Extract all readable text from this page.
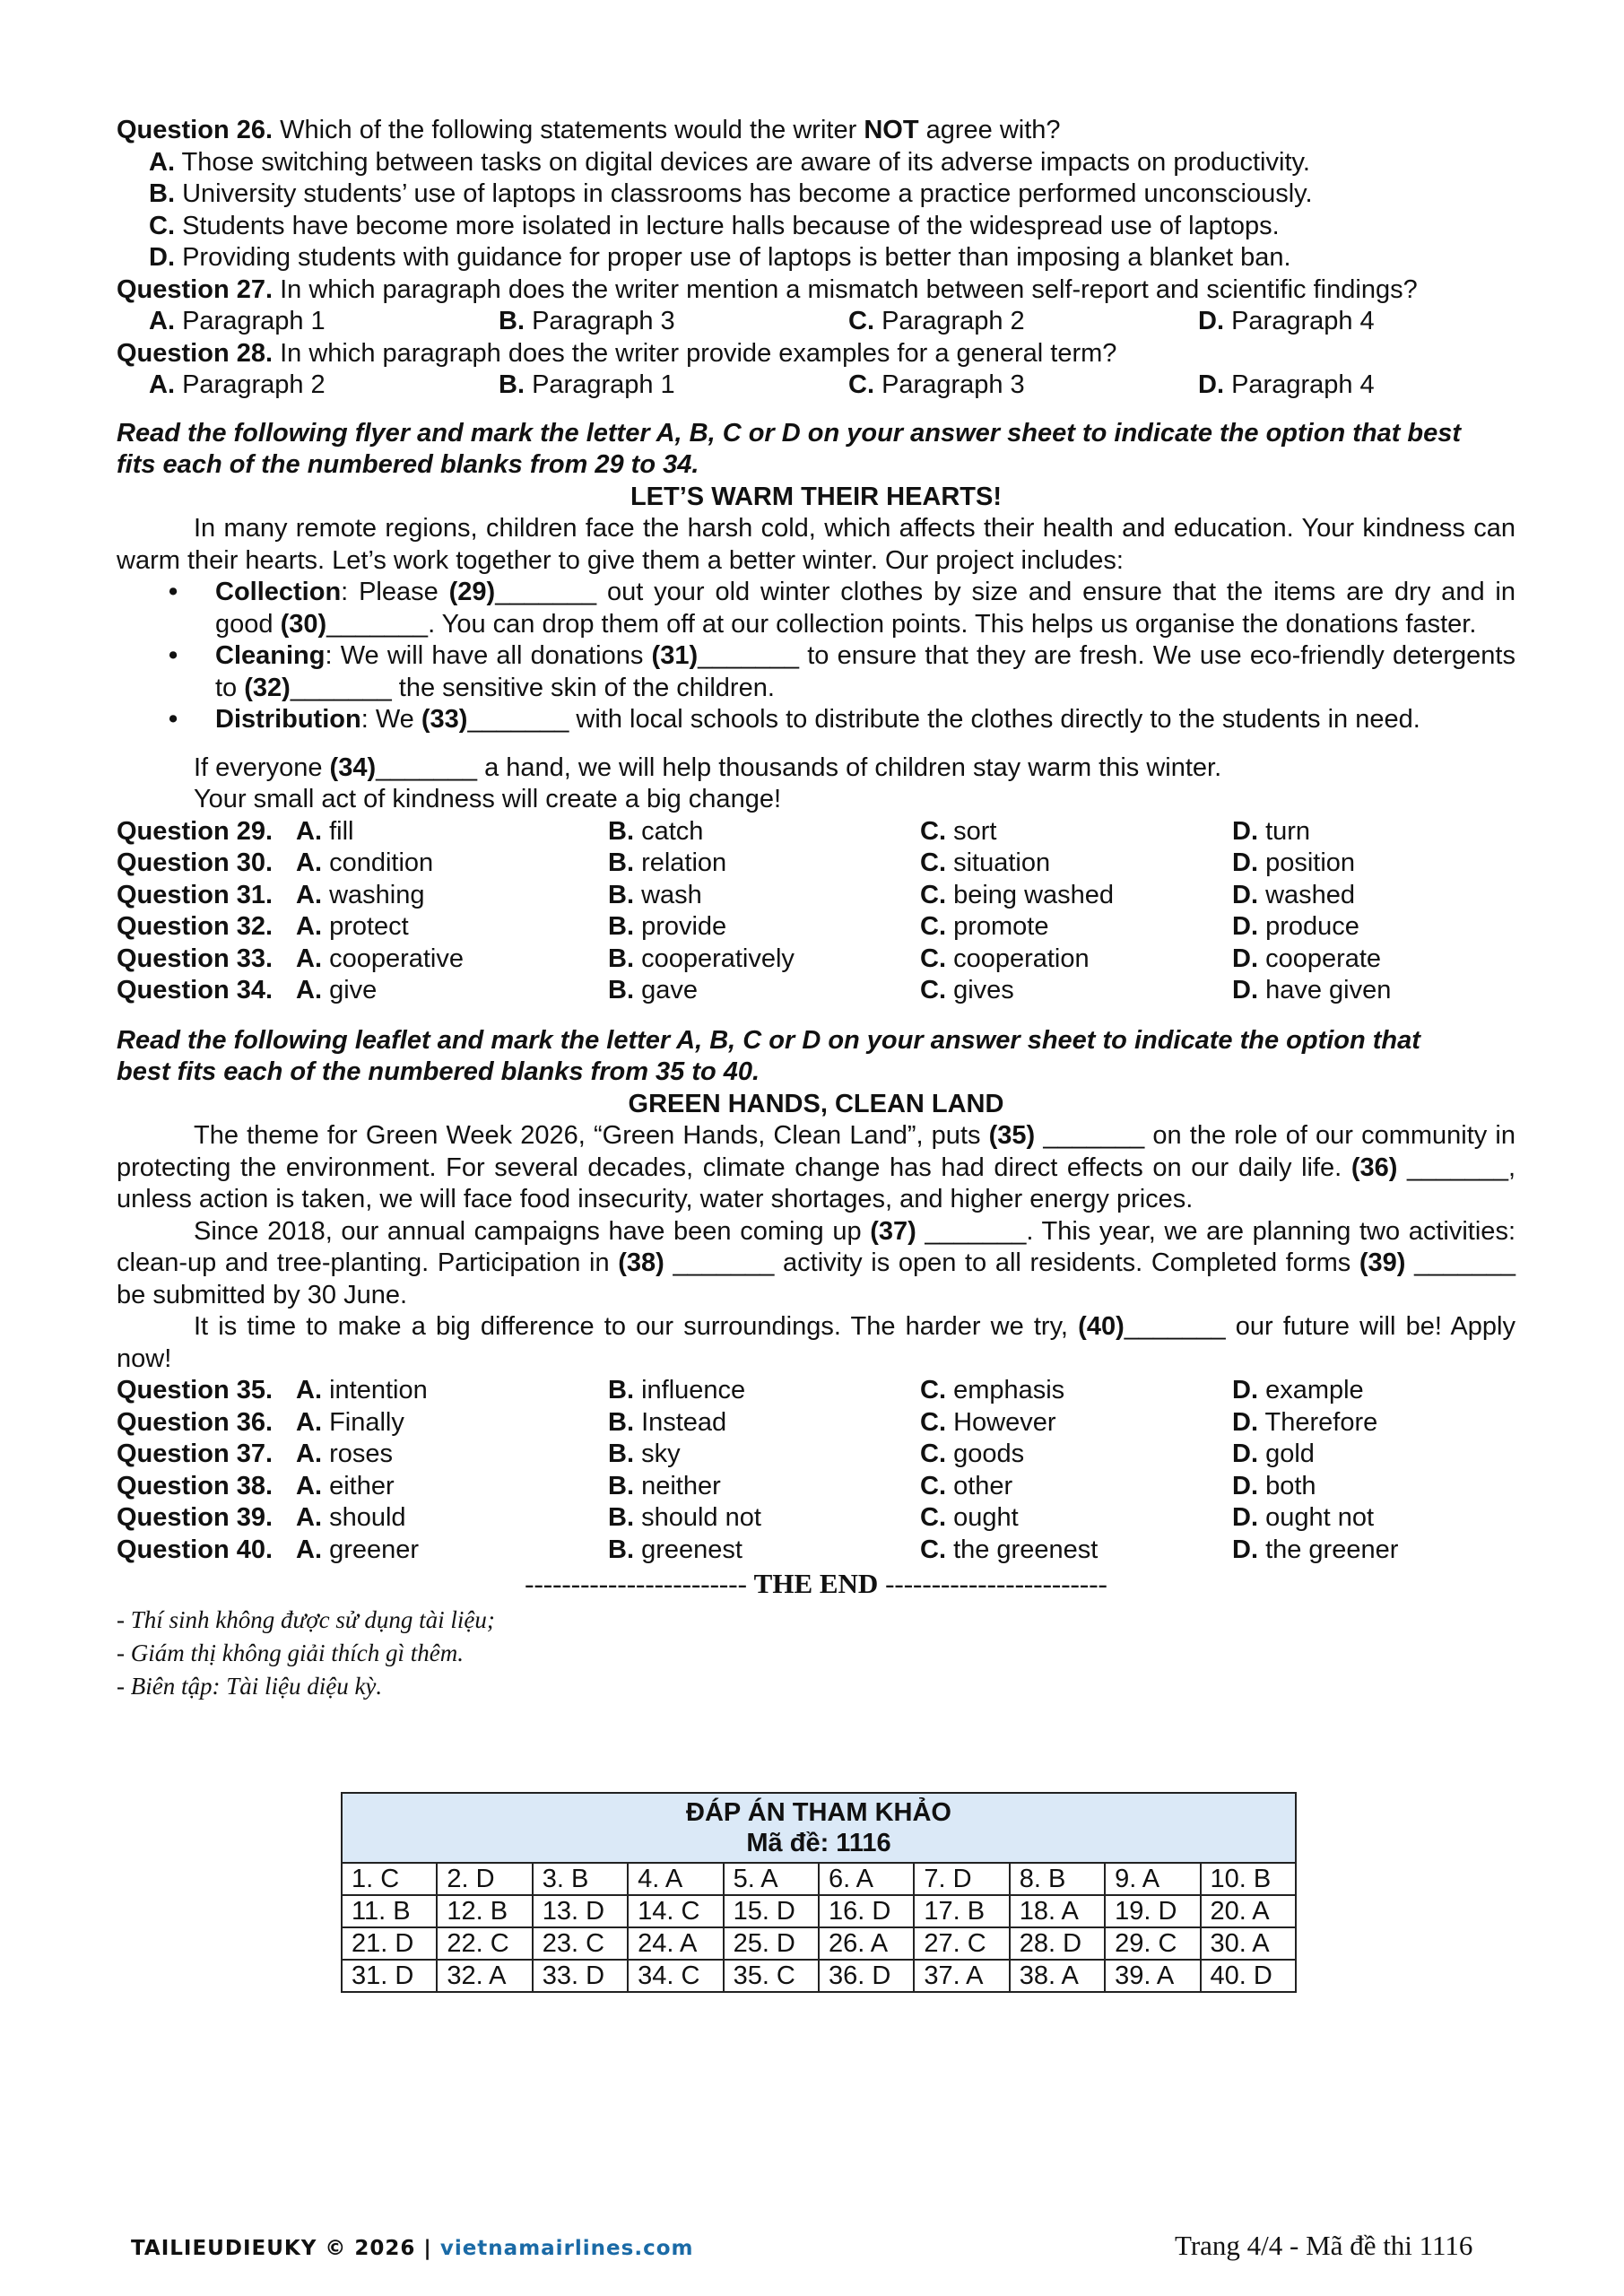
Question 26. Which of the following statements would the writer NOT agree with?
A. Those switching between tasks on digital devices are aware of its adverse impacts on productivity.
B. University students’ use of laptops in classrooms has become a practice performed unconsciously.
C. Students have become more isolated in lecture halls because of the widespread use of laptops.
D. Providing students with guidance for proper use of laptops is better than imposing a blanket ban.
Question 27. In which paragraph does the writer mention a mismatch between self-report and scientific findings?
A. Paragraph 1	B. Paragraph 3	C. Paragraph 2	D. Paragraph 4
Question 28. In which paragraph does the writer provide examples for a general term?
A. Paragraph 2	B. Paragraph 1	C. Paragraph 3	D. Paragraph 4
Read the following flyer and mark the letter A, B, C or D on your answer sheet to indicate the option that best
fits each of the numbered blanks from 29 to 34.
LET’S WARM THEIR HEARTS!
In many remote regions, children face the harsh cold, which affects their health and education. Your kindness can warm their hearts. Let’s work together to give them a better winter. Our project includes:
• Collection: Please (29)_______ out your old winter clothes by size and ensure that the items are dry and in good (30)_______. You can drop them off at our collection points. This helps us organise the donations faster.
• Cleaning: We will have all donations (31)_______ to ensure that they are fresh. We use eco-friendly detergents to (32)_______ the sensitive skin of the children.
• Distribution: We (33)_______ with local schools to distribute the clothes directly to the students in need.
If everyone (34)_______ a hand, we will help thousands of children stay warm this winter.
Your small act of kindness will create a big change!
Question 29. A. fill	B. catch	C. sort	D. turn
Question 30. A. condition	B. relation	C. situation	D. position
Question 31. A. washing	B. wash	C. being washed	D. washed
Question 32. A. protect	B. provide	C. promote	D. produce
Question 33. A. cooperative	B. cooperatively	C. cooperation	D. cooperate
Question 34. A. give	B. gave	C. gives	D. have given
Read the following leaflet and mark the letter A, B, C or D on your answer sheet to indicate the option that
best fits each of the numbered blanks from 35 to 40.
GREEN HANDS, CLEAN LAND
The theme for Green Week 2026, “Green Hands, Clean Land”, puts (35) _______ on the role of our community in protecting the environment. For several decades, climate change has had direct effects on our daily life. (36) _______, unless action is taken, we will face food insecurity, water shortages, and higher energy prices.
Since 2018, our annual campaigns have been coming up (37) _______. This year, we are planning two activities: clean-up and tree-planting. Participation in (38) _______ activity is open to all residents. Completed forms (39) _______ be submitted by 30 June.
It is time to make a big difference to our surroundings. The harder we try, (40)_______ our future will be! Apply now!
Question 35. A. intention	B. influence	C. emphasis	D. example
Question 36. A. Finally	B. Instead	C. However	D. Therefore
Question 37. A. roses	B. sky	C. goods	D. gold
Question 38. A. either	B. neither	C. other	D. both
Question 39. A. should	B. should not	C. ought	D. ought not
Question 40. A. greener	B. greenest	C. the greenest	D. the greener
------------------------ THE END ------------------------
- Thí sinh không được sử dụng tài liệu;
- Giám thị không giải thích gì thêm.
- Biên tập: Tài liệu diệu kỳ.
ĐÁP ÁN THAM KHẢO
Mã đề: 1116									

1. C	2. D	3. B	4. A	5. A	6. A	7. D	8. B	9. A	10. B
11. B	12. B	13. D	14. C	15. D	16. D	17. B	18. A	19. D	20. A
21. D	22. C	23. C	24. A	25. D	26. A	27. C	28. D	29. C	30. A
31. D	32. A	33. D	34. C	35. C	36. D	37. A	38. A	39. A	40. D
TAILIEUDIEUKY © 2026 | vietnamairlines.com	Trang 4/4 - Mã đề thi 1116
